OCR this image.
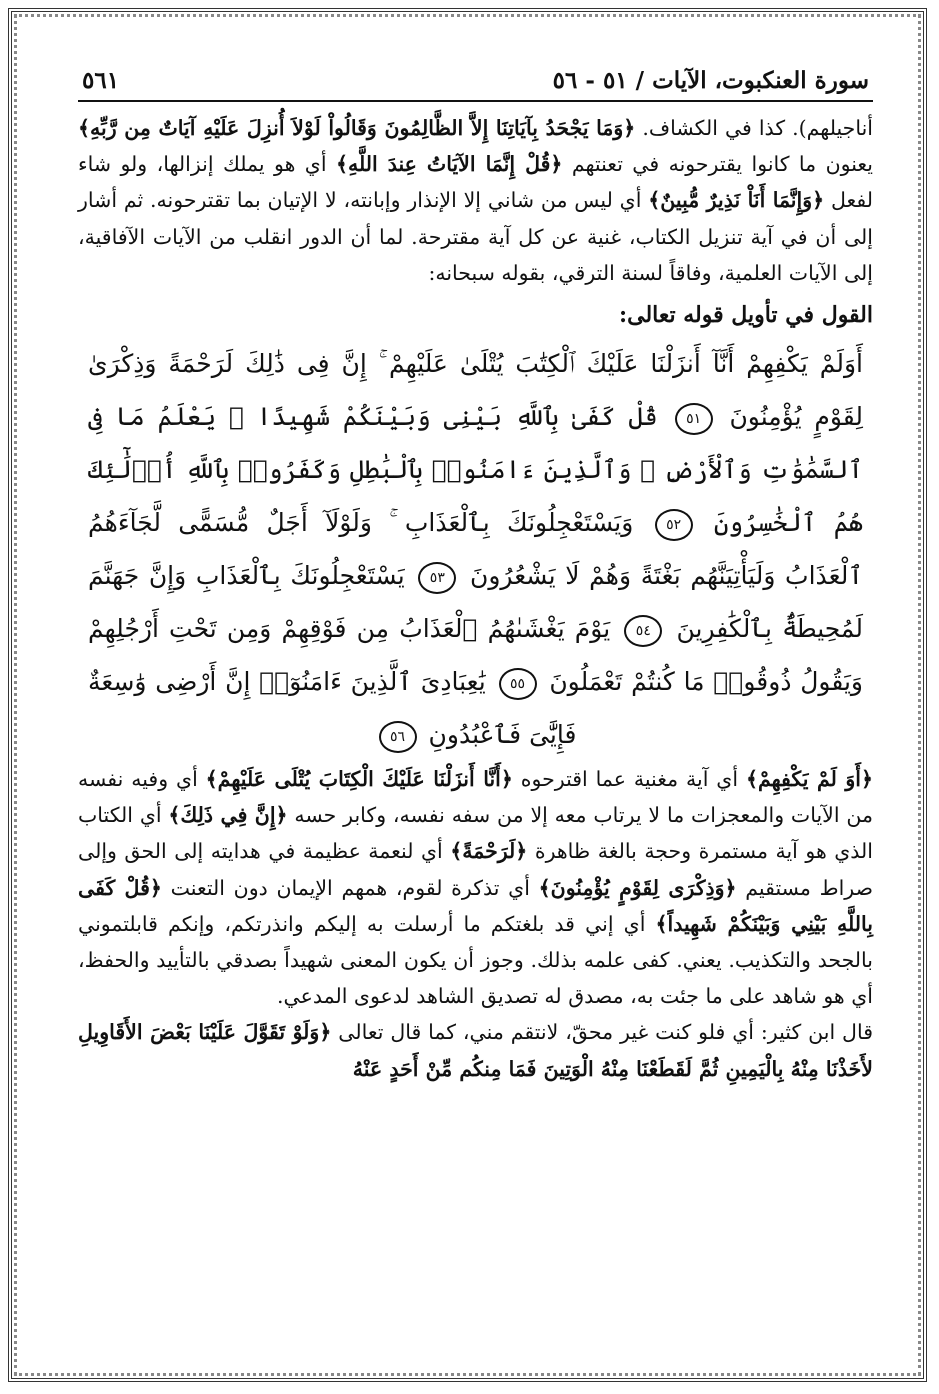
سورة العنكبوت، الآيات/٥١ - ٥٦
٥٦١

أناجيلهم). كذا في الكشاف. ﴿وَمَا يَجْحَدُ بِآيَاتِنَا إِلاَّ الظَّالِمُونَ وَقَالُواْ لَوْلاَ أُنزِلَ عَلَيْهِ آيَاتٌ مِن رَّبِّهِ﴾ يعنون ما كانوا يقترحونه في تعنتهم ﴿قُلْ إِنَّمَا الآيَاتُ عِندَ اللَّهِ﴾ أي هو يملك إنزالها، ولو شاء لفعل ﴿وَإِنَّمَا أَنَاْ نَذِيرٌ مُّبِينٌ﴾ أي ليس من شاني إلا الإنذار وإبانته، لا الإتيان بما تقترحونه. ثم أشار إلى أن في آية تنزيل الكتاب، غنية عن كل آية مقترحة. لما أن الدور انقلب من الآيات الآفاقية، إلى الآيات العلمية، وفاقاً لسنة الترقي، بقوله سبحانه:

القول في تأويل قوله تعالى:
أَوَلَمْ يَكْفِهِمْ أَنَّآ أَنزَلْنَا عَلَيْكَ ٱلْكِتَٰبَ يُتْلَىٰ عَلَيْهِمْ ۚ إِنَّ فِى ذَٰلِكَ لَرَحْمَةً وَذِكْرَىٰ لِقَوْمٍ يُؤْمِنُونَ ٥١ قُلْ كَفَىٰ بِٱللَّهِ بَيْنِى وَبَيْنَكُمْ شَهِيدًا ۖ يَعْلَمُ مَا فِى ٱلسَّمَٰوَٰتِ وَٱلْأَرْضِ ۗ وَٱلَّذِينَ ءَامَنُوا۟ بِٱلْبَٰطِلِ وَكَفَرُوا۟ بِٱللَّهِ أُو۟لَٰٓئِكَ هُمُ ٱلْخَٰسِرُونَ ٥٢ وَيَسْتَعْجِلُونَكَ بِٱلْعَذَابِ ۚ وَلَوْلَآ أَجَلٌ مُّسَمًّى لَّجَآءَهُمُ ٱلْعَذَابُ وَلَيَأْتِيَنَّهُم بَغْتَةً وَهُمْ لَا يَشْعُرُونَ ٥٣ يَسْتَعْجِلُونَكَ بِٱلْعَذَابِ وَإِنَّ جَهَنَّمَ لَمُحِيطَةٌۢ بِٱلْكَٰفِرِينَ ٥٤ يَوْمَ يَغْشَىٰهُمُ ٱلْعَذَابُ مِن فَوْقِهِمْ وَمِن تَحْتِ أَرْجُلِهِمْ وَيَقُولُ ذُوقُوا۟ مَا كُنتُمْ تَعْمَلُونَ ٥٥ يَٰعِبَادِىَ ٱلَّذِينَ ءَامَنُوٓا۟ إِنَّ أَرْضِى وَٰسِعَةٌ فَإِيَّٰىَ فَٱعْبُدُونِ ٥٦

﴿أَوَ لَمْ يَكْفِهِمْ﴾ أي آية مغنية عما اقترحوه ﴿أَنَّا أَنزَلْنَا عَلَيْكَ الْكِتَابَ يُتْلَى عَلَيْهِمْ﴾ أي وفيه نفسه من الآيات والمعجزات ما لا يرتاب معه إلا من سفه نفسه، وكابر حسه ﴿إِنَّ فِي ذَلِكَ﴾ أي الكتاب الذي هو آية مستمرة وحجة بالغة ظاهرة ﴿لَرَحْمَةً﴾ أي لنعمة عظيمة في هدايته إلى الحق وإلى صراط مستقيم ﴿وَذِكْرَى لِقَوْمٍ يُؤْمِنُونَ﴾ أي تذكرة لقوم، همهم الإيمان دون التعنت ﴿قُلْ كَفَى بِاللَّهِ بَيْنِي وَبَيْنَكُمْ شَهِيداً﴾ أي إني قد بلغتكم ما أرسلت به إليكم وانذرتكم، وإنكم قابلتموني بالجحد والتكذيب. يعني. كفى علمه بذلك. وجوز أن يكون المعنى شهيداً بصدقي بالتأييد والحفظ، أي هو شاهد على ما جئت به، مصدق له تصديق الشاهد لدعوى المدعي.

قال ابن كثير: أي فلو كنت غير محقّ، لانتقم مني، كما قال تعالى ﴿وَلَوْ تَقَوَّلَ عَلَيْنَا بَعْضَ الأَقَاوِيلِ لأَخَذْنَا مِنْهُ بِالْيَمِينِ ثُمَّ لَقَطَعْنَا مِنْهُ الْوَتِينَ فَمَا مِنكُم مِّنْ أَحَدٍ عَنْهُ
